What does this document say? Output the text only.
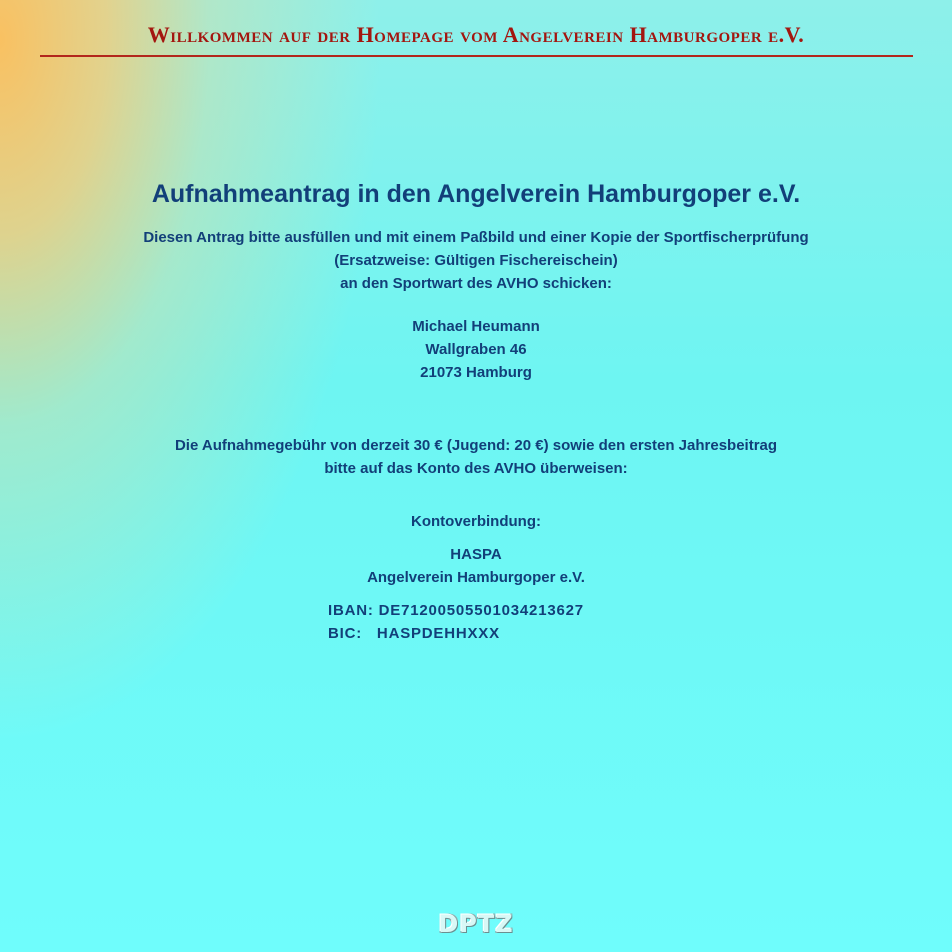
Willkommen auf der Homepage vom Angelverein Hamburgoper e.V.
Aufnahmeantrag in den Angelverein Hamburgoper e.V.

Diesen Antrag bitte ausfüllen und mit einem Paßbild und einer Kopie der Sportfischerprüfung

(Ersatzweise: Gültigen Fischereischein)

an den Sportwart des AVHO schicken:

Michael Heumann

Wallgraben 46

21073 Hamburg

Die Aufnahmegebühr von derzeit 30 € (Jugend: 20 €) sowie den ersten Jahresbeitrag

bitte auf das Konto des AVHO überweisen:

Kontoverbindung:

HASPA

Angelverein Hamburgoper e.V.

IBAN: DE71200505501034213627
BIC:   HASPDEHHXXX
DPTZ
